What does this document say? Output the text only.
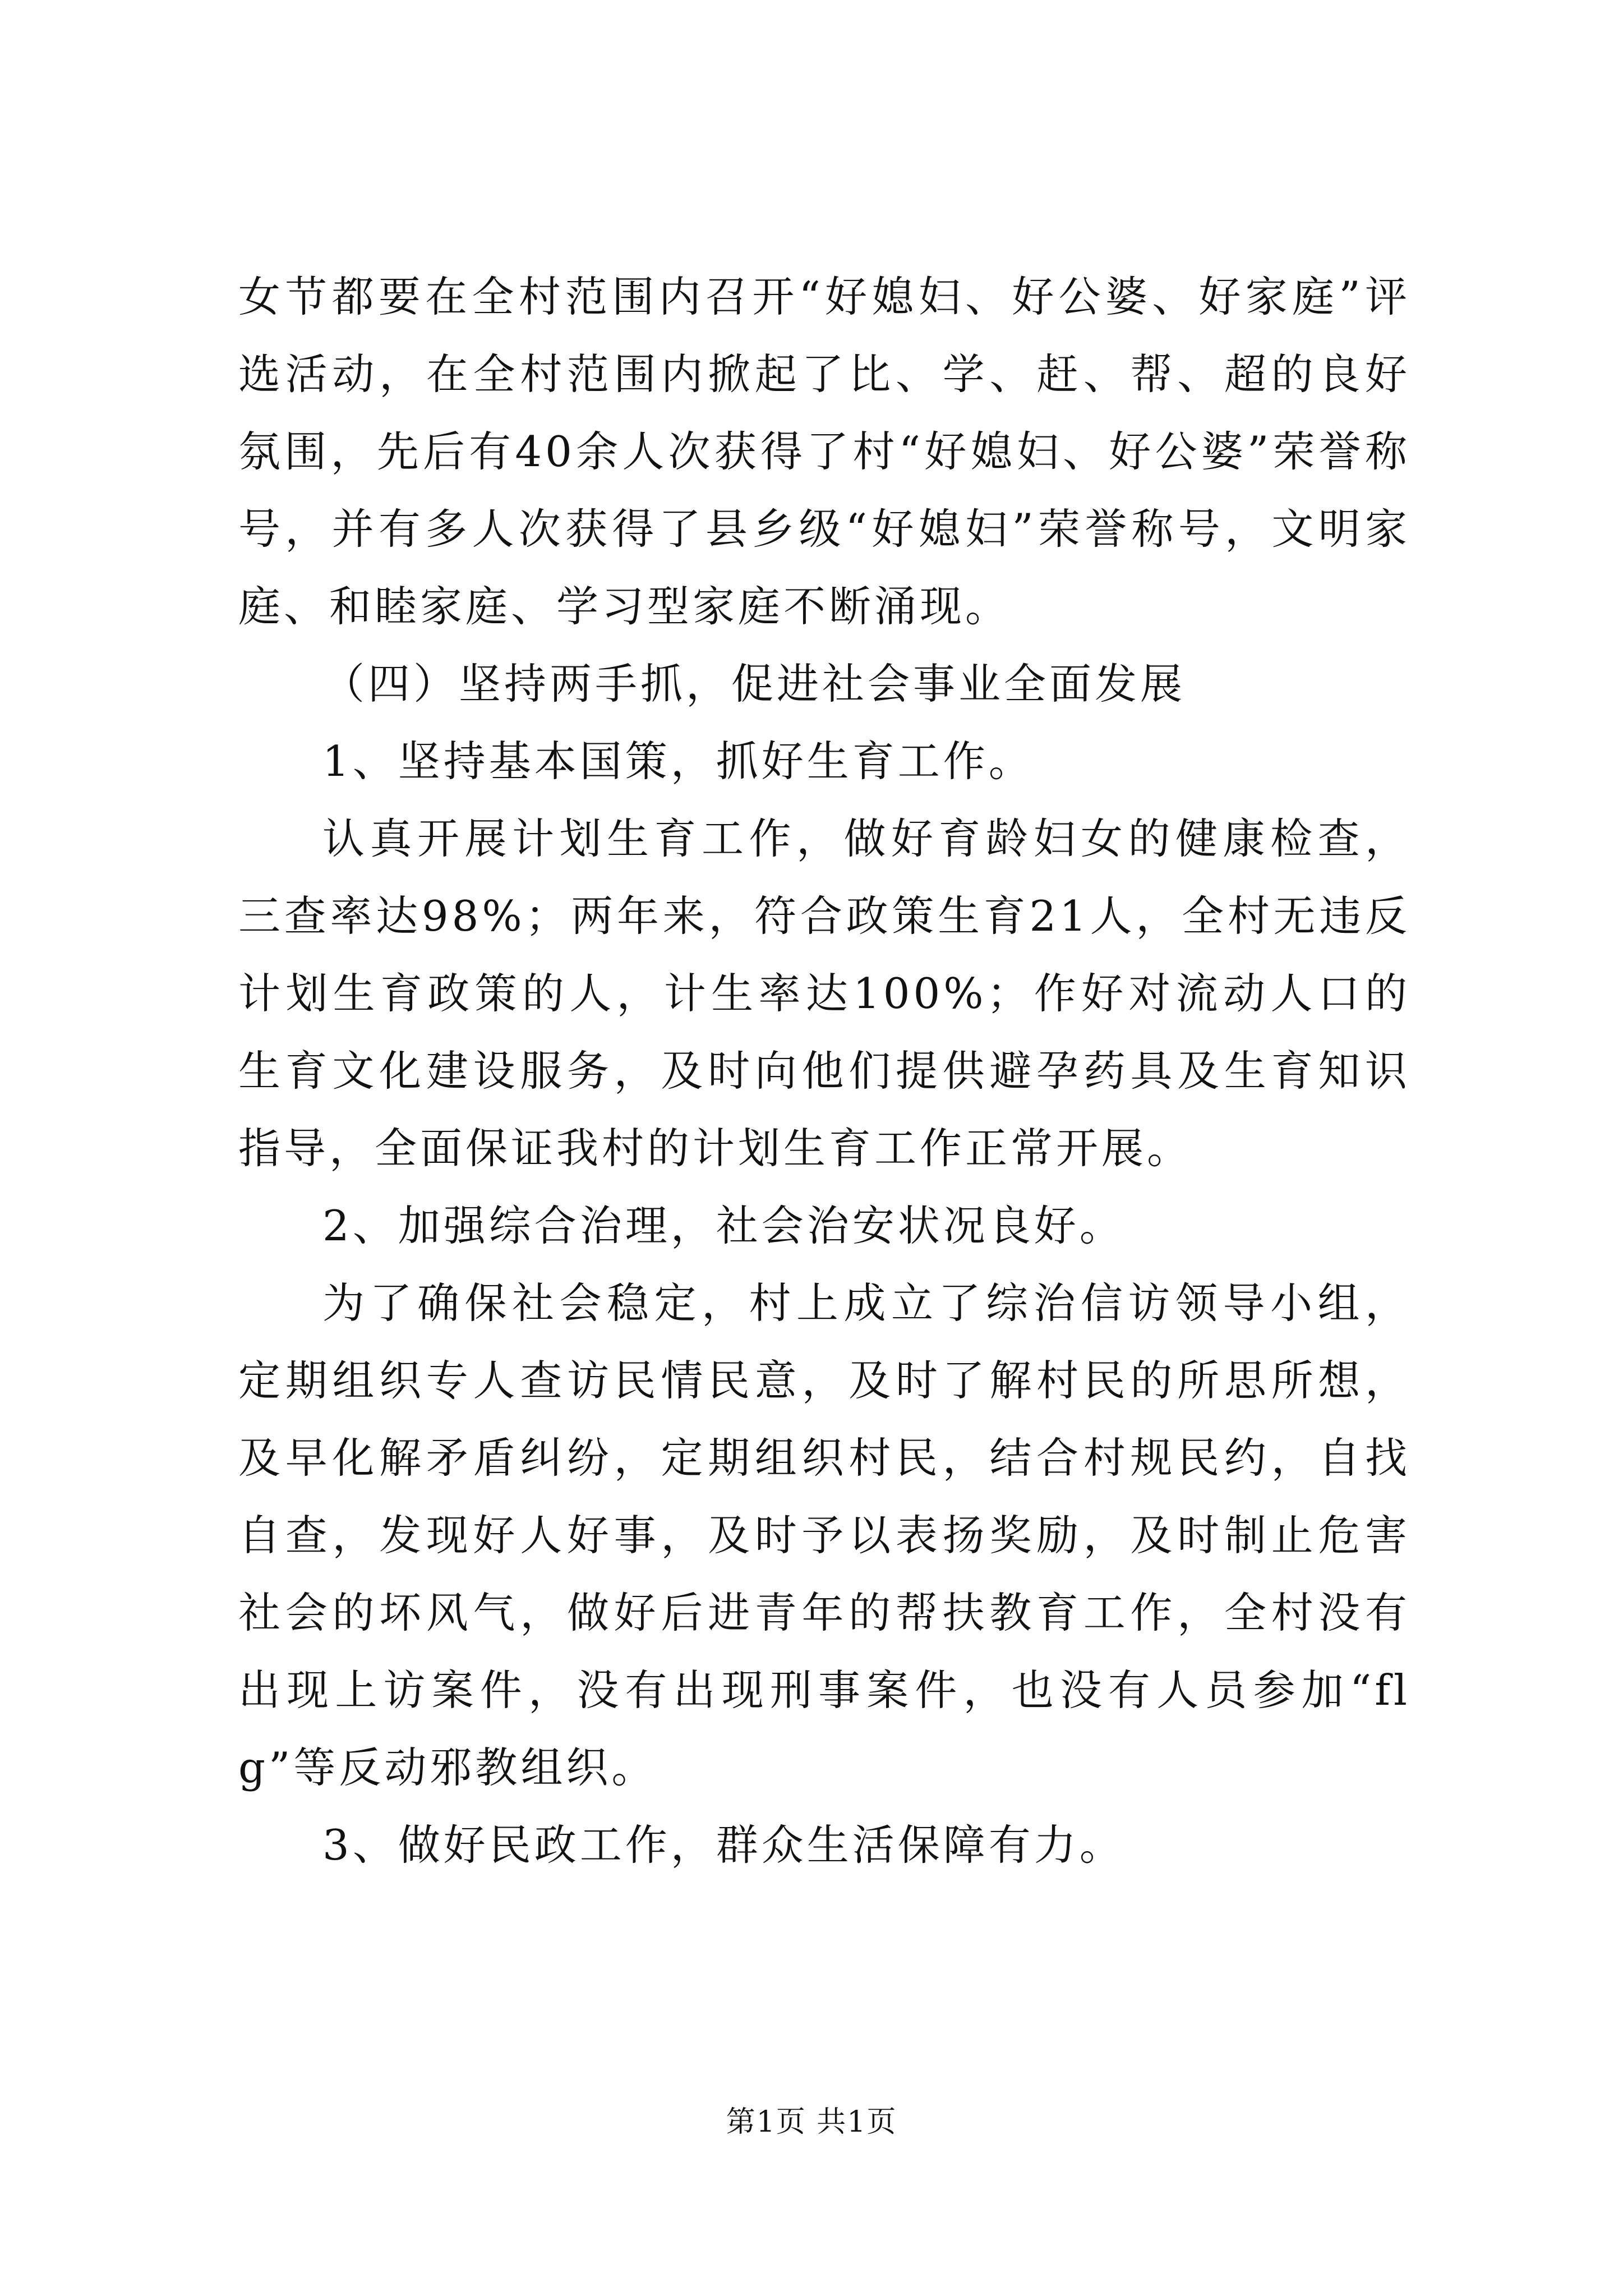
女节都要在全村范围内召开“好媳妇、好公婆、好家庭”评选活动，在全村范围内掀起了比、学、赶、帮、超的良好氛围，先后有40余人次获得了村“好媳妇、好公婆”荣誉称号，并有多人次获得了县乡级“好媳妇”荣誉称号，文明家庭、和睦家庭、学习型家庭不断涌现。

（四）坚持两手抓，促进社会事业全面发展

1、坚持基本国策，抓好生育工作。

认真开展计划生育工作，做好育龄妇女的健康检查，三查率达98%；两年来，符合政策生育21人，全村无违反计划生育政策的人，计生率达100%；作好对流动人口的生育文化建设服务，及时向他们提供避孕药具及生育知识指导，全面保证我村的计划生育工作正常开展。

2、加强综合治理，社会治安状况良好。

为了确保社会稳定，村上成立了综治信访领导小组，定期组织专人查访民情民意，及时了解村民的所思所想，及早化解矛盾纠纷，定期组织村民，结合村规民约，自找自查，发现好人好事，及时予以表扬奖励，及时制止危害社会的坏风气，做好后进青年的帮扶教育工作，全村没有出现上访案件，没有出现刑事案件，也没有人员参加“flg”等反动邪教组织。

3、做好民政工作，群众生活保障有力。

第1页 共1页
